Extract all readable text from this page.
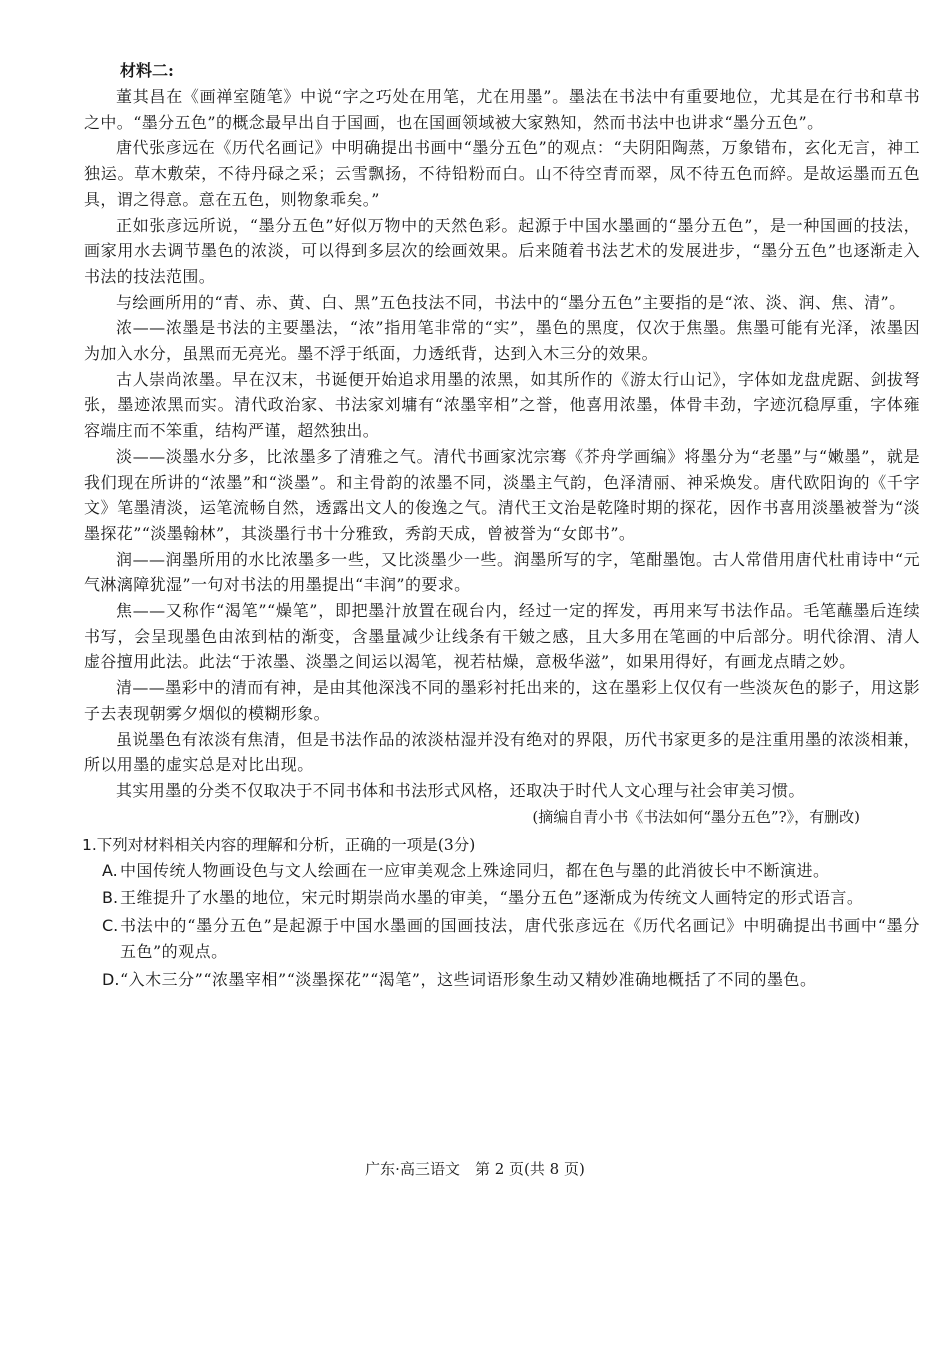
材料二:

董其昌在《画禅室随笔》中说“字之巧处在用笔，尤在用墨”。墨法在书法中有重要地位，尤其是在行书和草书之中。“墨分五色”的概念最早出自于国画，也在国画领域被大家熟知，然而书法中也讲求“墨分五色”。

唐代张彦远在《历代名画记》中明确提出书画中“墨分五色”的观点：“夫阴阳陶蒸，万象错布，玄化无言，神工独运。草木敷荣，不待丹碌之采；云雪飘扬，不待铅粉而白。山不待空青而翠，凤不待五色而綷。是故运墨而五色具，谓之得意。意在五色，则物象乖矣。”

正如张彦远所说，“墨分五色”好似万物中的天然色彩。起源于中国水墨画的“墨分五色”，是一种国画的技法，画家用水去调节墨色的浓淡，可以得到多层次的绘画效果。后来随着书法艺术的发展进步，“墨分五色”也逐渐走入书法的技法范围。

与绘画所用的“青、赤、黄、白、黑”五色技法不同，书法中的“墨分五色”主要指的是“浓、淡、润、焦、清”。

浓——浓墨是书法的主要墨法，“浓”指用笔非常的“实”，墨色的黑度，仅次于焦墨。焦墨可能有光泽，浓墨因为加入水分，虽黑而无亮光。墨不浮于纸面，力透纸背，达到入木三分的效果。

古人崇尚浓墨。早在汉末，书诞便开始追求用墨的浓黑，如其所作的《游太行山记》，字体如龙盘虎踞、剑拔弩张，墨迹浓黑而实。清代政治家、书法家刘墉有“浓墨宰相”之誉，他喜用浓墨，体骨丰劲，字迹沉稳厚重，字体雍容端庄而不笨重，结构严谨，超然独出。

淡——淡墨水分多，比浓墨多了清雅之气。清代书画家沈宗骞《芥舟学画编》将墨分为“老墨”与“嫩墨”，就是我们现在所讲的“浓墨”和“淡墨”。和主骨韵的浓墨不同，淡墨主气韵，色泽清丽、神采焕发。唐代欧阳询的《千字文》笔墨清淡，运笔流畅自然，透露出文人的俊逸之气。清代王文治是乾隆时期的探花，因作书喜用淡墨被誉为“淡墨探花”“淡墨翰林”，其淡墨行书十分雅致，秀韵天成，曾被誉为“女郎书”。

润——润墨所用的水比浓墨多一些，又比淡墨少一些。润墨所写的字，笔酣墨饱。古人常借用唐代杜甫诗中“元气淋漓障犹湿”一句对书法的用墨提出“丰润”的要求。

焦——又称作“渴笔”“燥笔”，即把墨汁放置在砚台内，经过一定的挥发，再用来写书法作品。毛笔蘸墨后连续书写，会呈现墨色由浓到枯的渐变，含墨量减少让线条有干皴之感，且大多用在笔画的中后部分。明代徐渭、清人虚谷擅用此法。此法“于浓墨、淡墨之间运以渴笔，视若枯燥，意极华滋”，如果用得好，有画龙点睛之妙。

清——墨彩中的清而有神，是由其他深浅不同的墨彩衬托出来的，这在墨彩上仅仅有一些淡灰色的影子，用这影子去表现朝雾夕烟似的模糊形象。

虽说墨色有浓淡有焦清，但是书法作品的浓淡枯湿并没有绝对的界限，历代书家更多的是注重用墨的浓淡相兼，所以用墨的虚实总是对比出现。

其实用墨的分类不仅取决于不同书体和书法形式风格，还取决于时代人文心理与社会审美习惯。

(摘编自青小书《书法如何“墨分五色”?》，有删改)
1.下列对材料相关内容的理解和分析，正确的一项是(3分)
A. 中国传统人物画设色与文人绘画在一应审美观念上殊途同归，都在色与墨的此消彼长中不断演进。
B. 王维提升了水墨的地位，宋元时期崇尚水墨的审美，“墨分五色”逐渐成为传统文人画特定的形式语言。
C. 书法中的“墨分五色”是起源于中国水墨画的国画技法，唐代张彦远在《历代名画记》中明确提出书画中“墨分五色”的观点。
D. “入木三分”“浓墨宰相”“淡墨探花”“渴笔”，这些词语形象生动又精妙准确地概括了不同的墨色。
广东·高三语文　第 2 页(共 8 页)
